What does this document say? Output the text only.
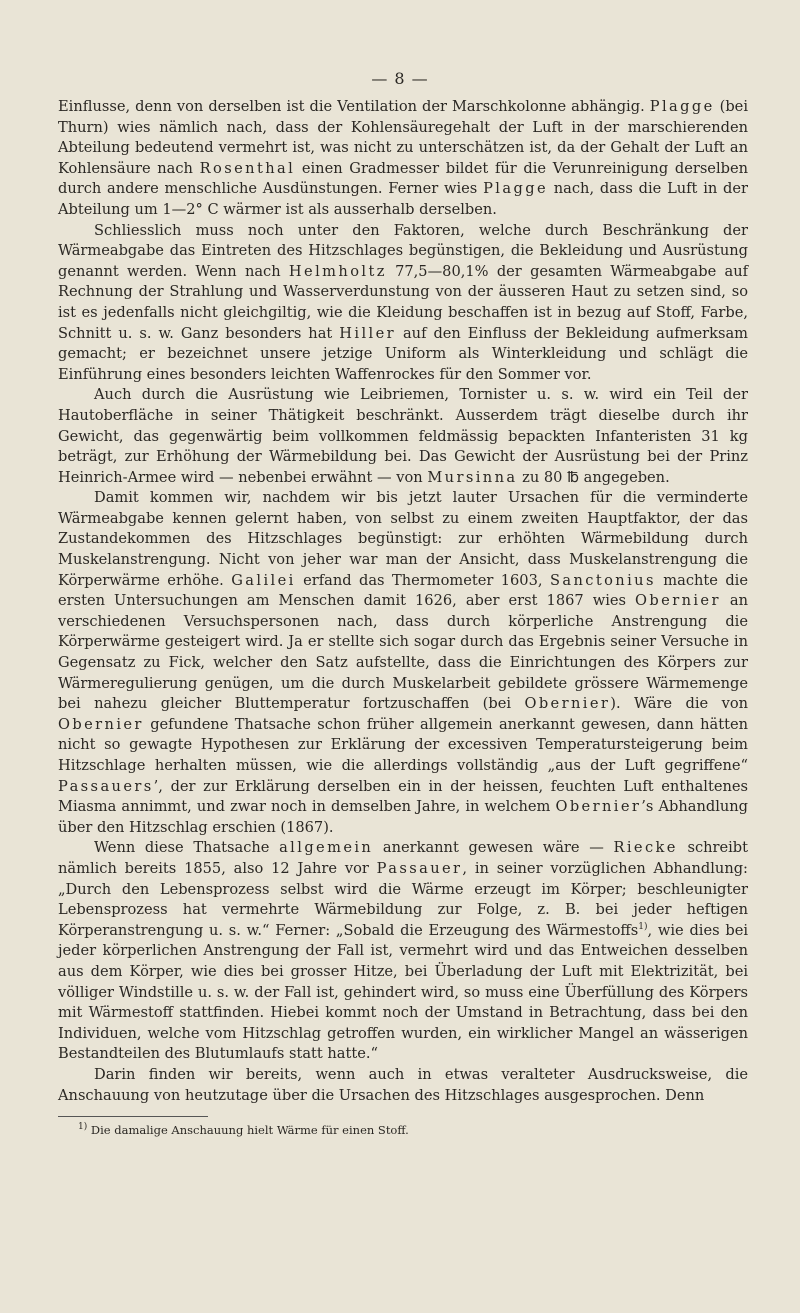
— 8 —

Einflusse, denn von derselben ist die Ventilation der Marschkolonne abhängig. Plagge (bei Thurn) wies nämlich nach, dass der Kohlensäuregehalt der Luft in der marschierenden Abteilung bedeutend vermehrt ist, was nicht zu unterschätzen ist, da der Gehalt der Luft an Kohlensäure nach Rosenthal einen Gradmesser bildet für die Verunreinigung derselben durch andere menschliche Ausdünstungen. Ferner wies Plagge nach, dass die Luft in der Abteilung um 1—2° C wärmer ist als ausserhalb derselben.

Schliesslich muss noch unter den Faktoren, welche durch Beschränkung der Wärmeabgabe das Eintreten des Hitzschlages begünstigen, die Bekleidung und Ausrüstung genannt werden. Wenn nach Helmholtz 77,5—80,1% der gesamten Wärmeabgabe auf Rechnung der Strahlung und Wasserverdunstung von der äusseren Haut zu setzen sind, so ist es jedenfalls nicht gleichgiltig, wie die Kleidung beschaffen ist in bezug auf Stoff, Farbe, Schnitt u. s. w. Ganz besonders hat Hiller auf den Einfluss der Bekleidung aufmerksam gemacht; er bezeichnet unsere jetzige Uniform als Winterkleidung und schlägt die Einführung eines besonders leichten Waffenrockes für den Sommer vor.

Auch durch die Ausrüstung wie Leibriemen, Tornister u. s. w. wird ein Teil der Hautoberfläche in seiner Thätigkeit beschränkt. Ausserdem trägt dieselbe durch ihr Gewicht, das gegenwärtig beim vollkommen feldmässig bepackten Infanteristen 31 kg beträgt, zur Erhöhung der Wärmebildung bei. Das Gewicht der Ausrüstung bei der Prinz Heinrich-Armee wird — nebenbei erwähnt — von Mursinna zu 80 ℔ angegeben.

Damit kommen wir, nachdem wir bis jetzt lauter Ursachen für die verminderte Wärmeabgabe kennen gelernt haben, von selbst zu einem zweiten Hauptfaktor, der das Zustandekommen des Hitzschlages begünstigt: zur erhöhten Wärmebildung durch Muskelanstrengung. Nicht von jeher war man der Ansicht, dass Muskelanstrengung die Körperwärme erhöhe. Galilei erfand das Thermometer 1603, Sanctonius machte die ersten Untersuchungen am Menschen damit 1626, aber erst 1867 wies Obernier an verschiedenen Versuchspersonen nach, dass durch körperliche Anstrengung die Körperwärme gesteigert wird. Ja er stellte sich sogar durch das Ergebnis seiner Versuche in Gegensatz zu Fick, welcher den Satz aufstellte, dass die Einrichtungen des Körpers zur Wärmeregulierung genügen, um die durch Muskelarbeit gebildete grössere Wärmemenge bei nahezu gleicher Bluttemperatur fortzuschaffen (bei Obernier). Wäre die von Obernier gefundene Thatsache schon früher allgemein anerkannt gewesen, dann hätten nicht so gewagte Hypothesen zur Erklärung der excessiven Temperatursteigerung beim Hitzschlage herhalten müssen, wie die allerdings vollständig „aus der Luft gegriffene“ Passauers’, der zur Erklärung derselben ein in der heissen, feuchten Luft enthaltenes Miasma annimmt, und zwar noch in demselben Jahre, in welchem Obernier’s Abhandlung über den Hitzschlag erschien (1867).

Wenn diese Thatsache allgemein anerkannt gewesen wäre — Riecke schreibt nämlich bereits 1855, also 12 Jahre vor Passauer, in seiner vorzüglichen Abhandlung: „Durch den Lebensprozess selbst wird die Wärme erzeugt im Körper; beschleunigter Lebensprozess hat vermehrte Wärmebildung zur Folge, z. B. bei jeder heftigen Körperanstrengung u. s. w.“ Ferner: „Sobald die Erzeugung des Wärmestoffs$^{1)}$, wie dies bei jeder körperlichen Anstrengung der Fall ist, vermehrt wird und das Entweichen desselben aus dem Körper, wie dies bei grosser Hitze, bei Überladung der Luft mit Elektrizität, bei völliger Windstille u. s. w. der Fall ist, gehindert wird, so muss eine Überfüllung des Körpers mit Wärmestoff stattfinden. Hiebei kommt noch der Umstand in Betrachtung, dass bei den Individuen, welche vom Hitzschlag getroffen wurden, ein wirklicher Mangel an wässerigen Bestandteilen des Blutumlaufs statt hatte.“

Darin finden wir bereits, wenn auch in etwas veralteter Ausdrucksweise, die Anschauung von heutzutage über die Ursachen des Hitzschlages ausgesprochen. Denn

$^{1)}$ Die damalige Anschauung hielt Wärme für einen Stoff.
